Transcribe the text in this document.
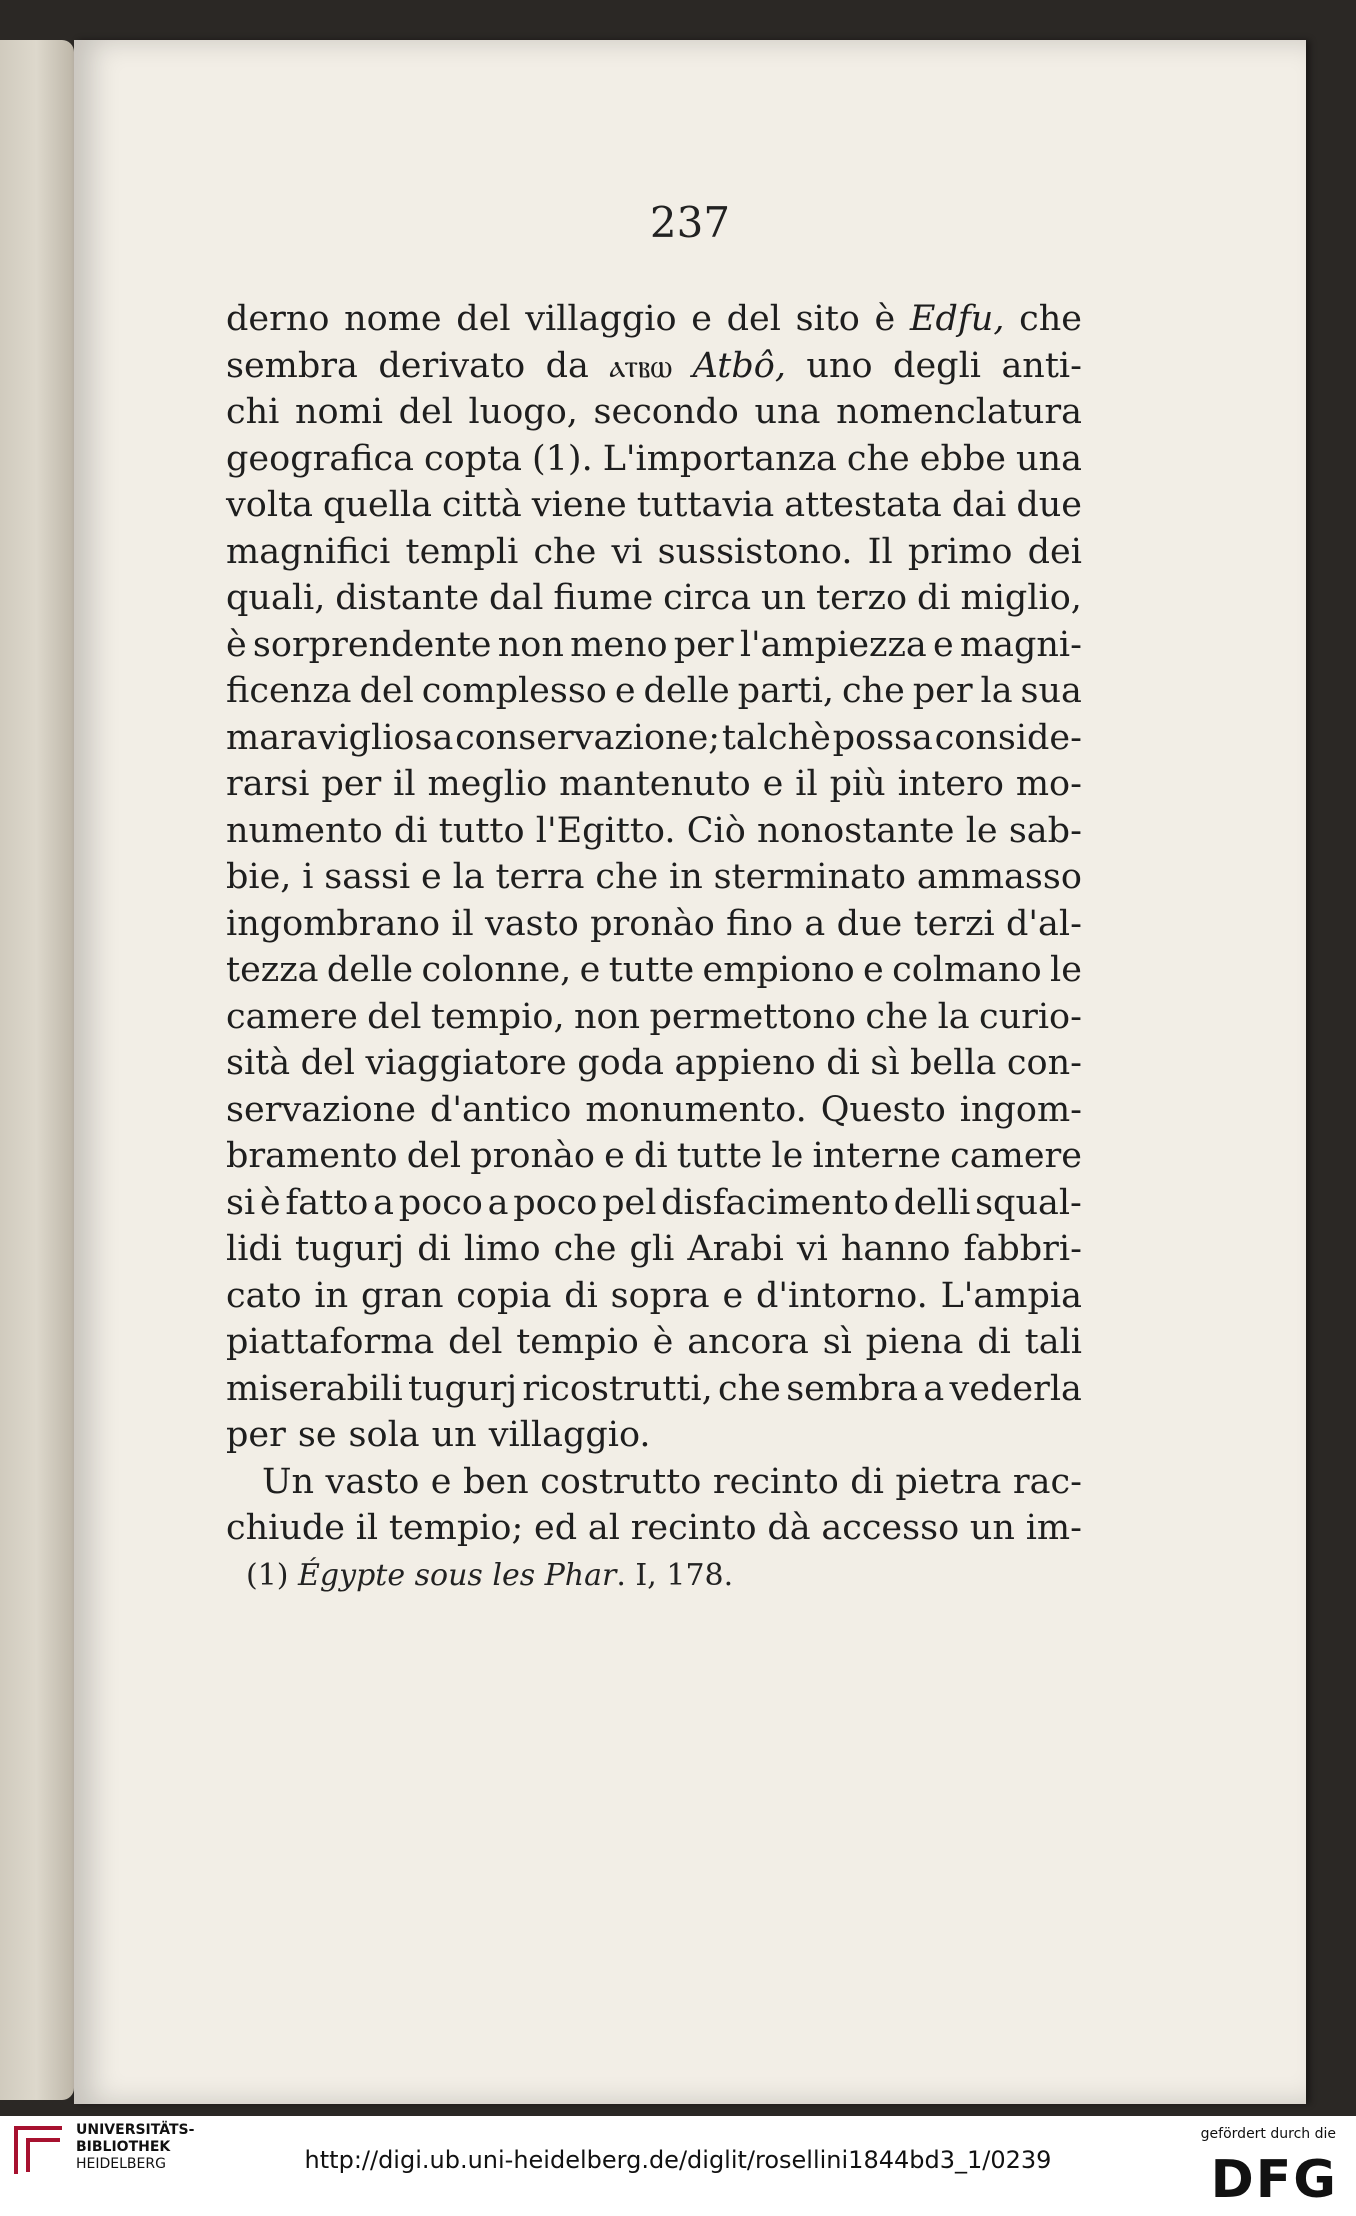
237
derno nome del villaggio e del sito è Edfu, che
sembra derivato da ⲁⲧⲃⲱ Atbô, uno degli anti-
chi nomi del luogo, secondo una nomenclatura
geografica copta (1). L'importanza che ebbe una
volta quella città viene tuttavia attestata dai due
magnifici templi che vi sussistono. Il primo dei
quali, distante dal fiume circa un terzo di miglio,
è sorprendente non meno per l'ampiezza e magni-
ficenza del complesso e delle parti, che per la sua
maravigliosa conservazione; talchè possa conside-
rarsi per il meglio mantenuto e il più intero mo-
numento di tutto l'Egitto. Ciò nonostante le sab-
bie, i sassi e la terra che in sterminato ammasso
ingombrano il vasto pronào fino a due terzi d'al-
tezza delle colonne, e tutte empiono e colmano le
camere del tempio, non permettono che la curio-
sità del viaggiatore goda appieno di sì bella con-
servazione d'antico monumento. Questo ingom-
bramento del pronào e di tutte le interne camere
si è fatto a poco a poco pel disfacimento delli squal-
lidi tugurj di limo che gli Arabi vi hanno fabbri-
cato in gran copia di sopra e d'intorno. L'ampia
piattaforma del tempio è ancora sì piena di tali
miserabili tugurj ricostrutti, che sembra a vederla
per se sola un villaggio.
Un vasto e ben costrutto recinto di pietra rac-
chiude il tempio; ed al recinto dà accesso un im-
(1) Égypte sous les Phar. I, 178.
UNIVERSITÄTS-
BIBLIOTHEK
HEIDELBERG	http://digi.ub.uni-heidelberg.de/diglit/rosellini1844bd3_1/0239
gefördert durch die
DFG
